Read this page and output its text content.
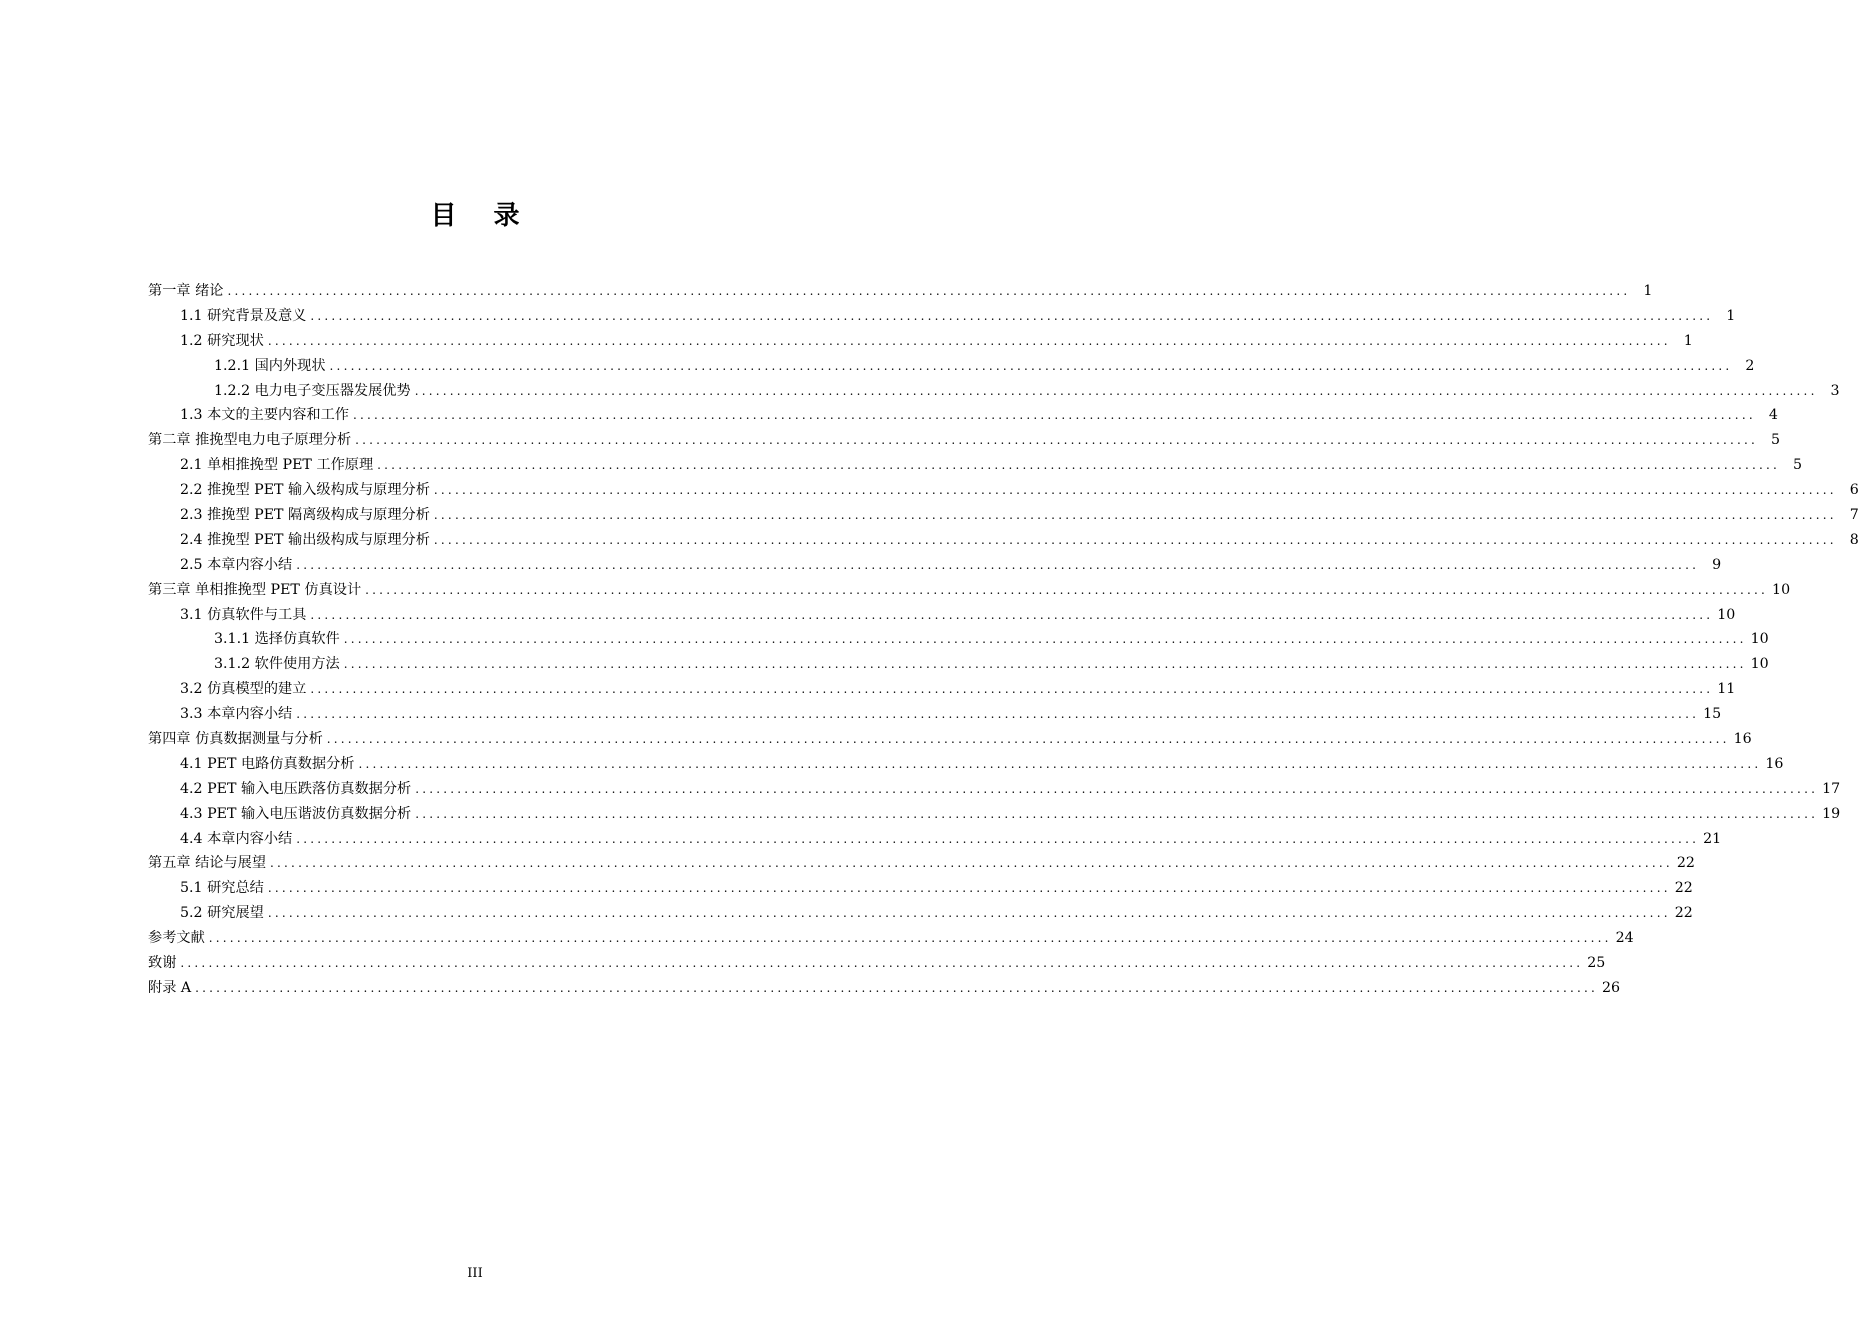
目 录
第一章 绪论 ........................................................................................................................................................................................................ 1
1.1 研究背景及意义 ........................................................................................................................................................................................................ 1
1.2 研究现状 ........................................................................................................................................................................................................ 1
1.2.1 国内外现状 ........................................................................................................................................................................................................ 2
1.2.2 电力电子变压器发展优势 ........................................................................................................................................................................................................ 3
1.3 本文的主要内容和工作 ........................................................................................................................................................................................................ 4
第二章 推挽型电力电子原理分析 ........................................................................................................................................................................................................ 5
2.1 单相推挽型 PET 工作原理 ........................................................................................................................................................................................................ 5
2.2 推挽型 PET 输入级构成与原理分析 ........................................................................................................................................................................................................ 6
2.3 推挽型 PET 隔离级构成与原理分析 ........................................................................................................................................................................................................ 7
2.4 推挽型 PET 输出级构成与原理分析 ........................................................................................................................................................................................................ 8
2.5 本章内容小结 ........................................................................................................................................................................................................ 9
第三章 单相推挽型 PET 仿真设计 ........................................................................................................................................................................................................ 10
3.1 仿真软件与工具 ........................................................................................................................................................................................................ 10
3.1.1 选择仿真软件 ........................................................................................................................................................................................................ 10
3.1.2 软件使用方法 ........................................................................................................................................................................................................ 10
3.2 仿真模型的建立 ........................................................................................................................................................................................................ 11
3.3 本章内容小结 ........................................................................................................................................................................................................ 15
第四章 仿真数据测量与分析 ........................................................................................................................................................................................................ 16
4.1 PET 电路仿真数据分析 ........................................................................................................................................................................................................ 16
4.2 PET 输入电压跌落仿真数据分析 ........................................................................................................................................................................................................ 17
4.3 PET 输入电压谐波仿真数据分析 ........................................................................................................................................................................................................ 19
4.4 本章内容小结 ........................................................................................................................................................................................................ 21
第五章 结论与展望 ........................................................................................................................................................................................................ 22
5.1 研究总结 ........................................................................................................................................................................................................ 22
5.2 研究展望 ........................................................................................................................................................................................................ 22
参考文献 ........................................................................................................................................................................................................ 24
致谢 ........................................................................................................................................................................................................ 25
附录 A ........................................................................................................................................................................................................ 26
III
